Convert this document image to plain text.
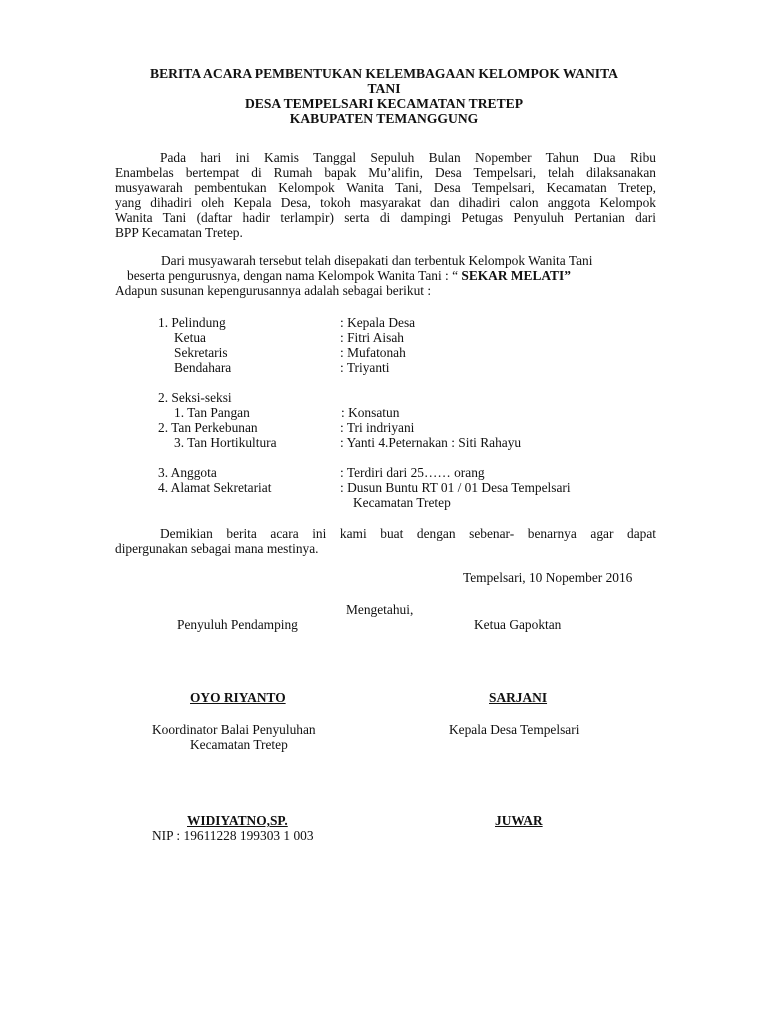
BERITA ACARA PEMBENTUKAN KELEMBAGAAN KELOMPOK WANITA
TANI
DESA TEMPELSARI KECAMATAN TRETEP
KABUPATEN TEMANGGUNG
Pada hari ini Kamis Tanggal Sepuluh Bulan Nopember Tahun Dua Ribu
Enambelas bertempat di Rumah bapak Mu’alifin, Desa Tempelsari, telah dilaksanakan
musyawarah pembentukan Kelompok Wanita Tani, Desa Tempelsari, Kecamatan Tretep,
yang dihadiri oleh Kepala Desa, tokoh masyarakat dan dihadiri calon anggota Kelompok
Wanita Tani (daftar hadir terlampir) serta di dampingi Petugas Penyuluh Pertanian dari
BPP Kecamatan Tretep.
Dari musyawarah tersebut telah disepakati dan terbentuk Kelompok Wanita Tani
beserta pengurusnya, dengan nama Kelompok Wanita Tani : “ SEKAR MELATI”
Adapun susunan kepengurusannya adalah sebagai berikut :
1. Pelindung	: Kepala Desa
Ketua	: Fitri Aisah
Sekretaris	: Mufatonah
Bendahara	: Triyanti
2. Seksi-seksi
1. Tan Pangan	: Konsatun
2. Tan Perkebunan	: Tri indriyani
3. Tan Hortikultura	: Yanti 4.Peternakan : Siti Rahayu
3. Anggota	: Terdiri dari 25…… orang
4. Alamat Sekretariat	: Dusun Buntu RT 01 / 01 Desa Tempelsari
Kecamatan Tretep
Demikian berita acara ini kami buat dengan sebenar- benarnya agar dapat
dipergunakan sebagai mana mestinya.
Tempelsari, 10 Nopember 2016
Mengetahui,
Penyuluh Pendamping	Ketua Gapoktan
OYO RIYANTO	SARJANI
Koordinator Balai Penyuluhan
Kecamatan Tretep
Kepala Desa Tempelsari
WIDIYATNO,SP.
NIP : 19611228 199303 1 003
JUWAR
